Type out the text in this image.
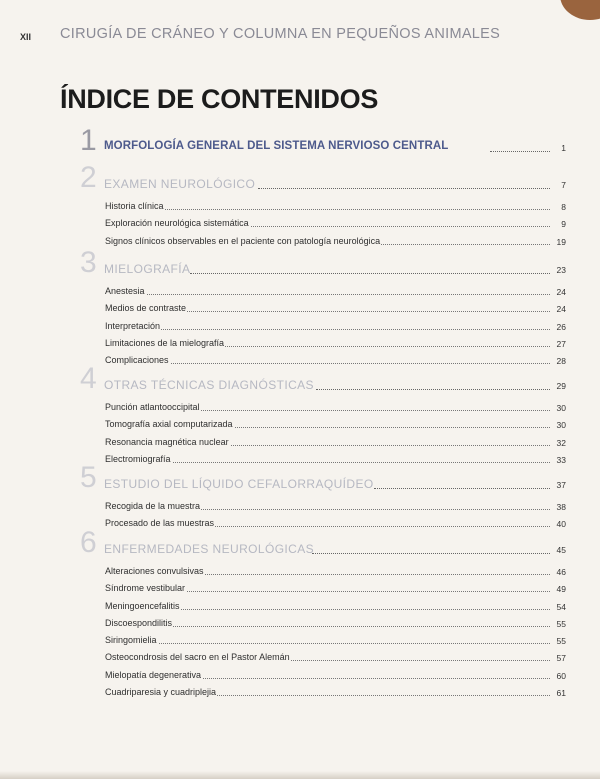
XII CIRUGÍA DE CRÁNEO Y COLUMNA EN PEQUEÑOS ANIMALES
ÍNDICE DE CONTENIDOS
1 MORFOLOGÍA GENERAL DEL SISTEMA NERVIOSO CENTRAL	1
2 EXAMEN NEUROLÓGICO	7
Historia clínica	8
Exploración neurológica sistemática	9
Signos clínicos observables en el paciente con patología neurológica	19
3 MIELOGRAFÍA	23
Anestesia	24
Medios de contraste	24
Interpretación	26
Limitaciones de la mielografía	27
Complicaciones	28
4 OTRAS TÉCNICAS DIAGNÓSTICAS	29
Punción atlantooccipital	30
Tomografía axial computarizada	30
Resonancia magnética nuclear	32
Electromiografía	33
5 ESTUDIO DEL LÍQUIDO CEFALORRAQUÍDEO	37
Recogida de la muestra	38
Procesado de las muestras	40
6 ENFERMEDADES NEUROLÓGICAS	45
Alteraciones convulsivas	46
Síndrome vestibular	49
Meningoencefalitis	54
Discoespondilitis	55
Siringomielia	55
Osteocondrosis del sacro en el Pastor Alemán	57
Mielopatía degenerativa	60
Cuadriparesia y cuadriplejia	61
